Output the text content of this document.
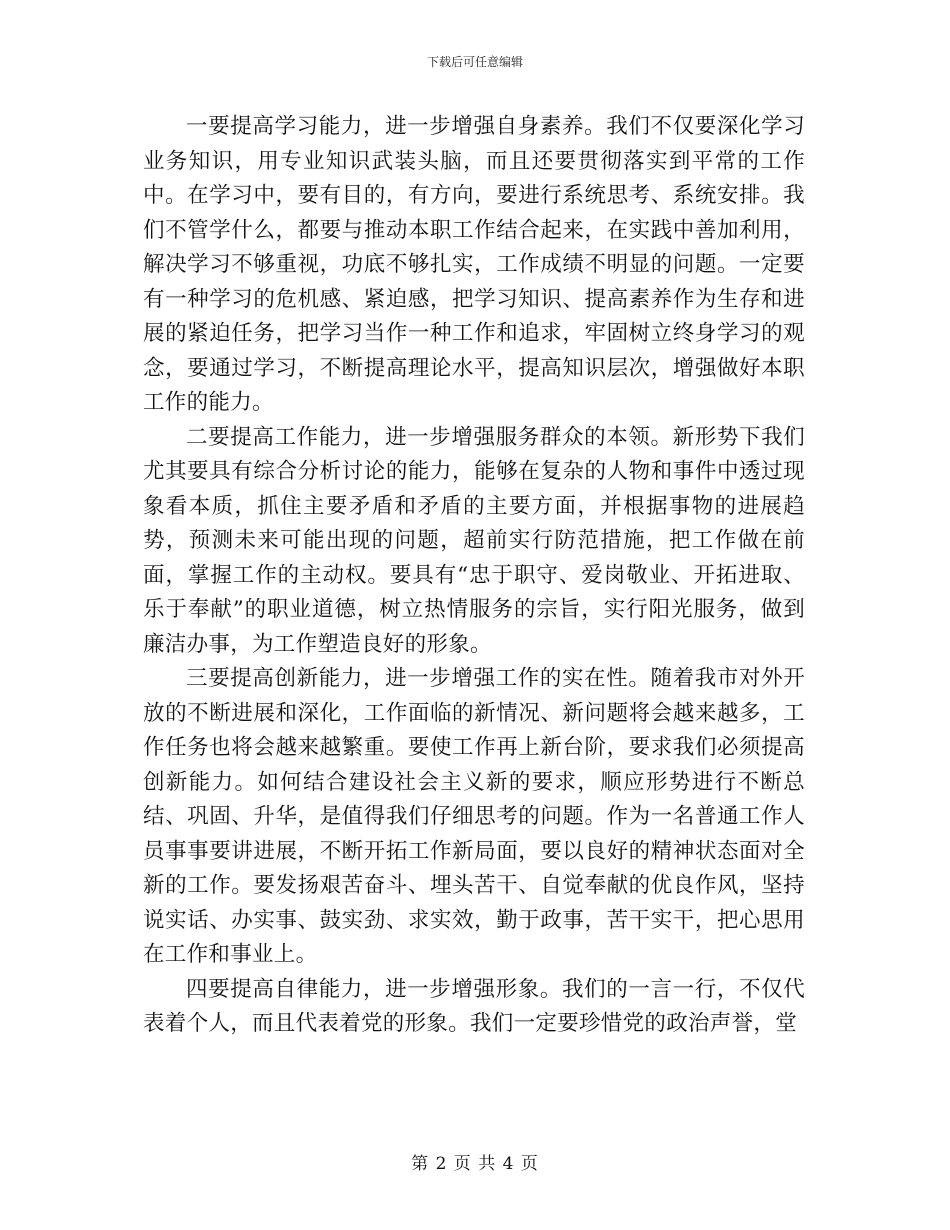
下载后可任意编辑

一要提高学习能力，进一步增强自身素养。我们不仅要深化学习业务知识，用专业知识武装头脑，而且还要贯彻落实到平常的工作中。在学习中，要有目的，有方向，要进行系统思考、系统安排。我们不管学什么，都要与推动本职工作结合起来，在实践中善加利用，解决学习不够重视，功底不够扎实，工作成绩不明显的问题。一定要有一种学习的危机感、紧迫感，把学习知识、提高素养作为生存和进展的紧迫任务，把学习当作一种工作和追求，牢固树立终身学习的观念，要通过学习，不断提高理论水平，提高知识层次，增强做好本职工作的能力。

二要提高工作能力，进一步增强服务群众的本领。新形势下我们尤其要具有综合分析讨论的能力，能够在复杂的人物和事件中透过现象看本质，抓住主要矛盾和矛盾的主要方面，并根据事物的进展趋势，预测未来可能出现的问题，超前实行防范措施，把工作做在前面，掌握工作的主动权。要具有“忠于职守、爱岗敬业、开拓进取、乐于奉献”的职业道德，树立热情服务的宗旨，实行阳光服务，做到廉洁办事，为工作塑造良好的形象。

三要提高创新能力，进一步增强工作的实在性。随着我市对外开放的不断进展和深化，工作面临的新情况、新问题将会越来越多，工作任务也将会越来越繁重。要使工作再上新台阶，要求我们必须提高创新能力。如何结合建设社会主义新的要求，顺应形势进行不断总结、巩固、升华，是值得我们仔细思考的问题。作为一名普通工作人员事事要讲进展，不断开拓工作新局面，要以良好的精神状态面对全新的工作。要发扬艰苦奋斗、埋头苦干、自觉奉献的优良作风，坚持说实话、办实事、鼓实劲、求实效，勤于政事，苦干实干，把心思用在工作和事业上。

四要提高自律能力，进一步增强形象。我们的一言一行，不仅代表着个人，而且代表着党的形象。我们一定要珍惜党的政治声誉，堂

第 2 页 共 4 页
